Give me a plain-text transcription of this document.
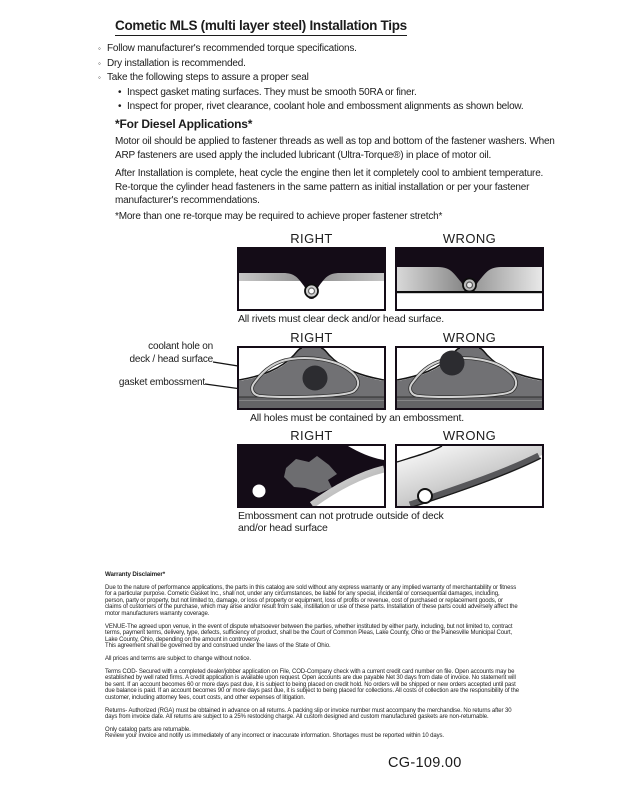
Cometic MLS (multi layer steel) Installation Tips
◦ Follow manufacturer's recommended torque specifications.
◦ Dry installation is recommended.
◦ Take the following steps to assure a proper seal
• Inspect gasket mating surfaces. They must be smooth 50RA or finer.
• Inspect for proper, rivet clearance, coolant hole and embossment alignments as shown below.
*For Diesel Applications*
Motor oil should be applied to fastener threads as well as top and bottom of the fastener washers. When ARP fasteners are used apply the included lubricant (Ultra-Torque®) in place of motor oil.
After Installation is complete, heat cycle the engine then let it completely cool to ambient temperature. Re-torque the cylinder head fasteners in the same pattern as initial installation or per your fastener manufacturer's recommendations.
*More than one re-torque may be required to achieve proper fastener stretch*
RIGHT	WRONG
All rivets must clear deck and/or head surface.
coolant hole on
deck / head surface
gasket embossment
RIGHT	WRONG
All holes must be contained by an embossment.
RIGHT	WRONG
Embossment can not protrude outside of deck
and/or head surface

Warranty Disclaimer*

Due to the nature of performance applications, the parts in this catalog are sold without any express warranty or any implied warranty of merchantability or fitness for a particular purpose. Cometic Gasket Inc., shall not, under any circumstances, be liable for any special, incidental or consequential damages, including, person, party or property, but not limited to, damage, or loss of property or equipment, loss of profits or revenue, cost of purchased or replacement goods, or claims of customers of the purchase, which may arise and/or result from sale, instillation or use of these parts. Installation of these parts could adversely affect the motor manufacturers warranty coverage.

VENUE-The agreed upon venue, in the event of dispute whatsoever between the parties, whether instituted by either party, including, but not limited to, contract terms, payment terms, delivery, type, defects, sufficiency of product, shall be the Court of Common Pleas, Lake County, Ohio or the Painesville Municipal Court, Lake County, Ohio, depending on the amount in controversy.

This agreement shall be governed by and construed under the laws of the State of Ohio.

All prices and terms are subject to change without notice.

Terms COD- Secured with a completed dealer/jobber application on File, COD-Company check with a current credit card number on file. Open accounts may be established by well rated firms. A credit application is available upon request. Open accounts are due payable Net 30 days from date of invoice. No statement will be sent. If an account becomes 60 or more days past due, it is subject to being placed on credit hold. No orders will be shipped or new orders accepted until past due balance is paid. If an account becomes 90 or more days past due, it is subject to being placed for collections. All costs of collection are the responsibility of the customer, including attorney fees, court costs, and other expenses of litigation.

Returns- Authorized (RGA) must be obtained in advance on all returns. A packing slip or invoice number must accompany the merchandise. No returns after 30 days from invoice date. All returns are subject to a 25% restocking charge. All custom designed and custom manufactured gaskets are non-returnable.

Only catalog parts are returnable.

Review your invoice and notify us immediately of any incorrect or inaccurate information. Shortages must be reported within 10 days.

CG-109.00
